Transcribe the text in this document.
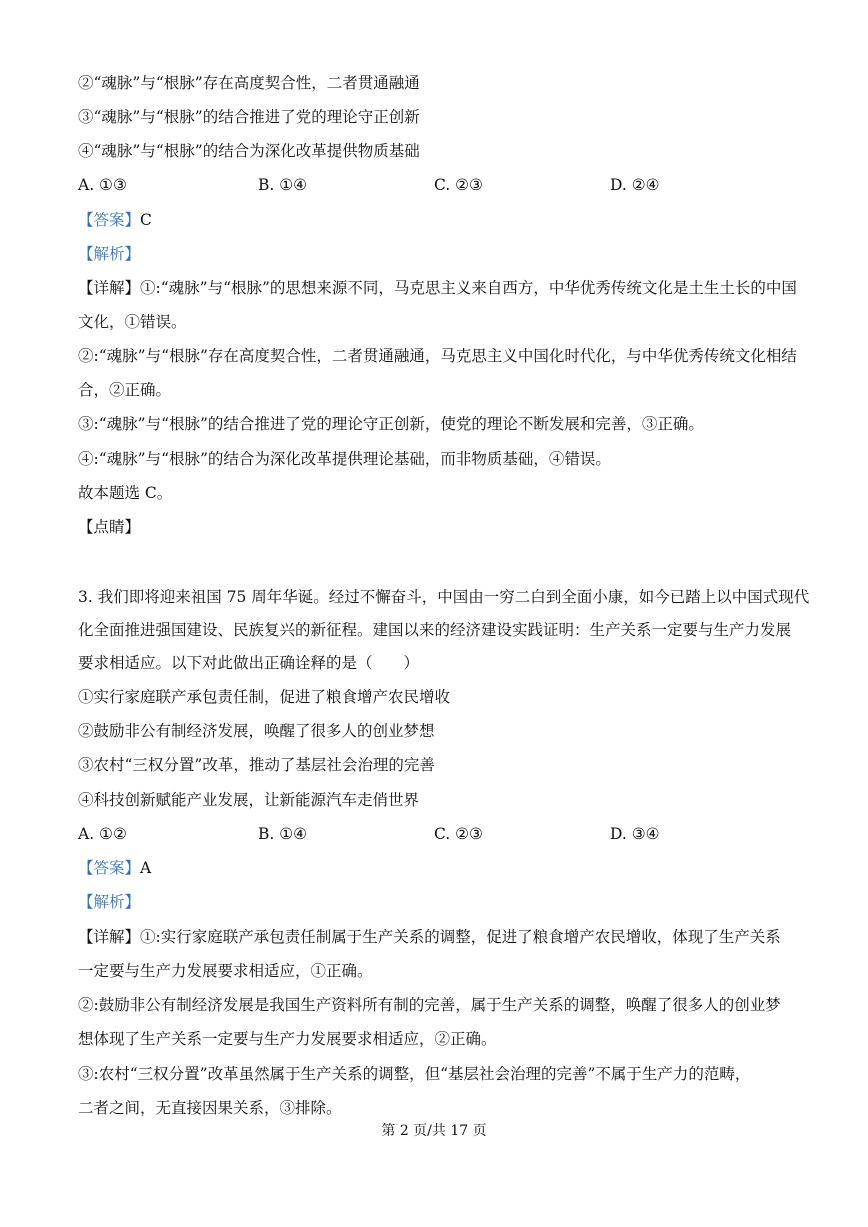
②“魂脉”与“根脉”存在高度契合性，二者贯通融通
③“魂脉”与“根脉”的结合推进了党的理论守正创新
④“魂脉”与“根脉”的结合为深化改革提供物质基础
A. ①③	B. ①④	C. ②③	D. ②④
【答案】C
【解析】
【详解】①:“魂脉”与“根脉”的思想来源不同，马克思主义来自西方，中华优秀传统文化是土生土长的中国
文化，①错误。
②:“魂脉”与“根脉”存在高度契合性，二者贯通融通，马克思主义中国化时代化，与中华优秀传统文化相结
合，②正确。
③:“魂脉”与“根脉”的结合推进了党的理论守正创新，使党的理论不断发展和完善，③正确。
④:“魂脉”与“根脉”的结合为深化改革提供理论基础，而非物质基础，④错误。
故本题选 C。
【点睛】
3. 我们即将迎来祖国 75 周年华诞。经过不懈奋斗，中国由一穷二白到全面小康，如今已踏上以中国式现代
化全面推进强国建设、民族复兴的新征程。建国以来的经济建设实践证明：生产关系一定要与生产力发展
要求相适应。以下对此做出正确诠释的是（　　）
①实行家庭联产承包责任制，促进了粮食增产农民增收
②鼓励非公有制经济发展，唤醒了很多人的创业梦想
③农村“三权分置”改革，推动了基层社会治理的完善
④科技创新赋能产业发展，让新能源汽车走俏世界
A. ①②	B. ①④	C. ②③	D. ③④
【答案】A
【解析】
【详解】①:实行家庭联产承包责任制属于生产关系的调整，促进了粮食增产农民增收，体现了生产关系
一定要与生产力发展要求相适应，①正确。
②:鼓励非公有制经济发展是我国生产资料所有制的完善，属于生产关系的调整，唤醒了很多人的创业梦
想体现了生产关系一定要与生产力发展要求相适应，②正确。
③:农村“三权分置”改革虽然属于生产关系的调整，但“基层社会治理的完善”不属于生产力的范畴，
二者之间，无直接因果关系，③排除。
第 2 页/共 17 页
